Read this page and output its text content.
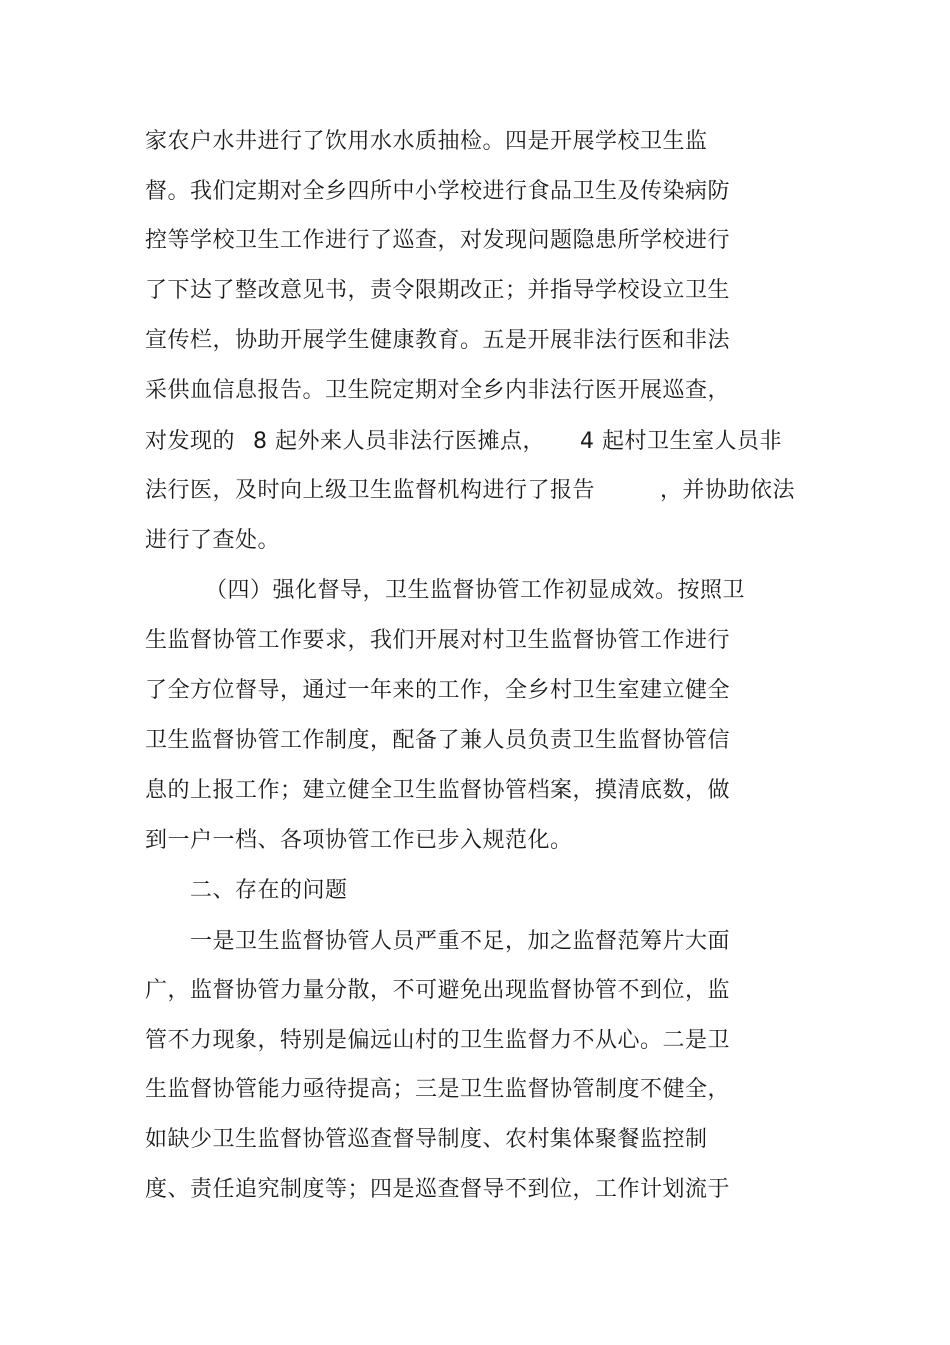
家农户水井进行了饮用水水质抽检。四是开展学校卫生监
督。我们定期对全乡四所中小学校进行食品卫生及传染病防
控等学校卫生工作进行了巡查，对发现问题隐患所学校进行
了下达了整改意见书，责令限期改正；并指导学校设立卫生
宣传栏，协助开展学生健康教育。五是开展非法行医和非法
采供血信息报告。卫生院定期对全乡内非法行医开展巡查，
对发现的 8 起外来人员非法行医摊点， 4 起村卫生室人员非
法行医，及时向上级卫生监督机构进行了报告	，并协助依法
进行了查处。
（四）强化督导，卫生监督协管工作初显成效。按照卫
生监督协管工作要求，我们开展对村卫生监督协管工作进行
了全方位督导，通过一年来的工作，全乡村卫生室建立健全
卫生监督协管工作制度，配备了兼人员负责卫生监督协管信
息的上报工作；建立健全卫生监督协管档案，摸清底数，做
到一户一档、各项协管工作已步入规范化。
二、存在的问题
一是卫生监督协管人员严重不足，加之监督范筹片大面
广，监督协管力量分散，不可避免出现监督协管不到位，监
管不力现象，特别是偏远山村的卫生监督力不从心。二是卫
生监督协管能力亟待提高；三是卫生监督协管制度不健全，
如缺少卫生监督协管巡查督导制度、农村集体聚餐监控制
度、责任追究制度等；四是巡查督导不到位，工作计划流于
